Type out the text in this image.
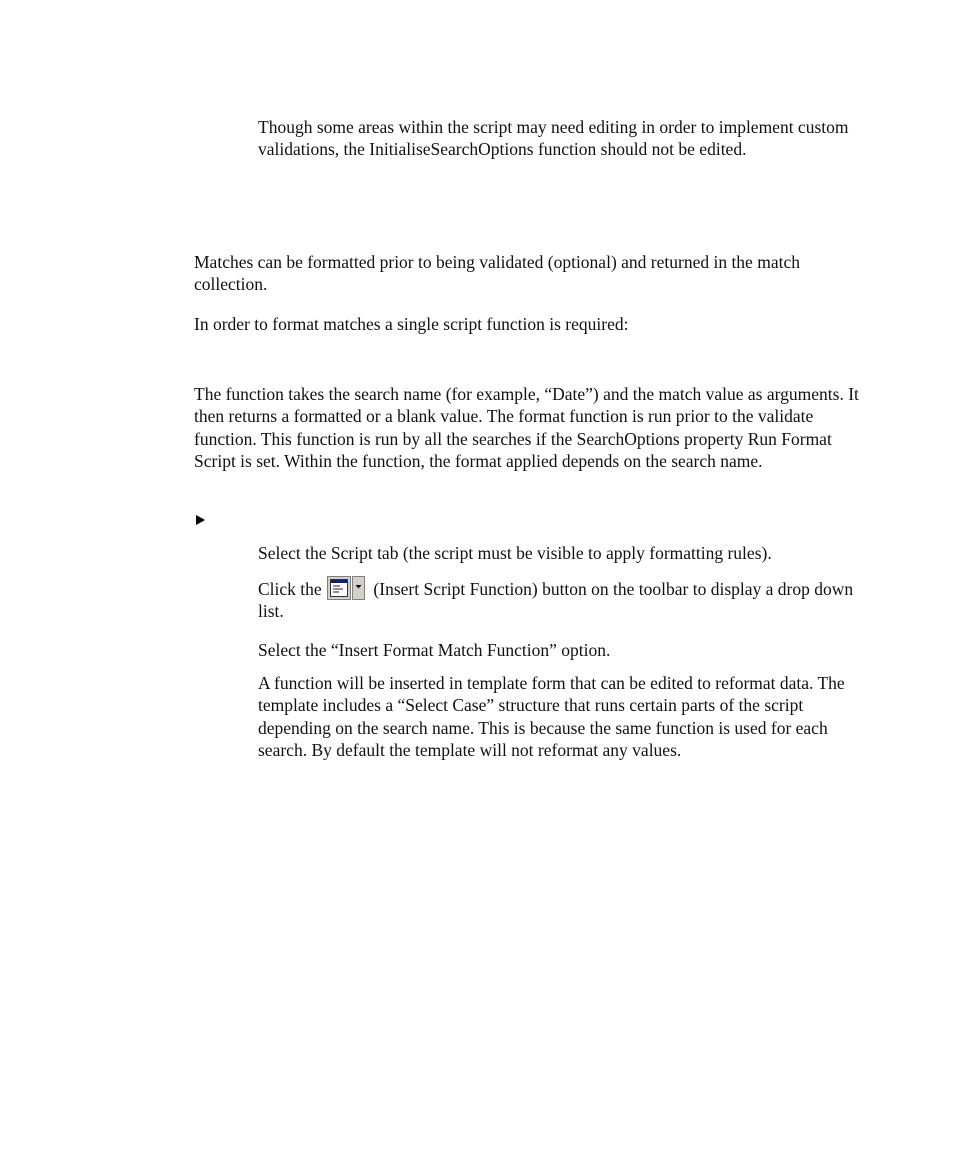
Though some areas within the script may need editing in order to implement custom validations, the InitialiseSearchOptions function should not be edited.

Matches can be formatted prior to being validated (optional) and returned in the match collection.

In order to format matches a single script function is required:

The function takes the search name (for example, “Date”) and the match value as arguments. It then returns a formatted or a blank value. The format function is run prior to the validate function. This function is run by all the searches if the SearchOptions property Run Format Script is set. Within the function, the format applied depends on the search name.

Select the Script tab (the script must be visible to apply formatting rules).

Click the	(Insert Script Function) button on the toolbar to display a drop down list.

Select the “Insert Format Match Function” option.

A function will be inserted in template form that can be edited to reformat data. The template includes a “Select Case” structure that runs certain parts of the script depending on the search name. This is because the same function is used for each search. By default the template will not reformat any values.
